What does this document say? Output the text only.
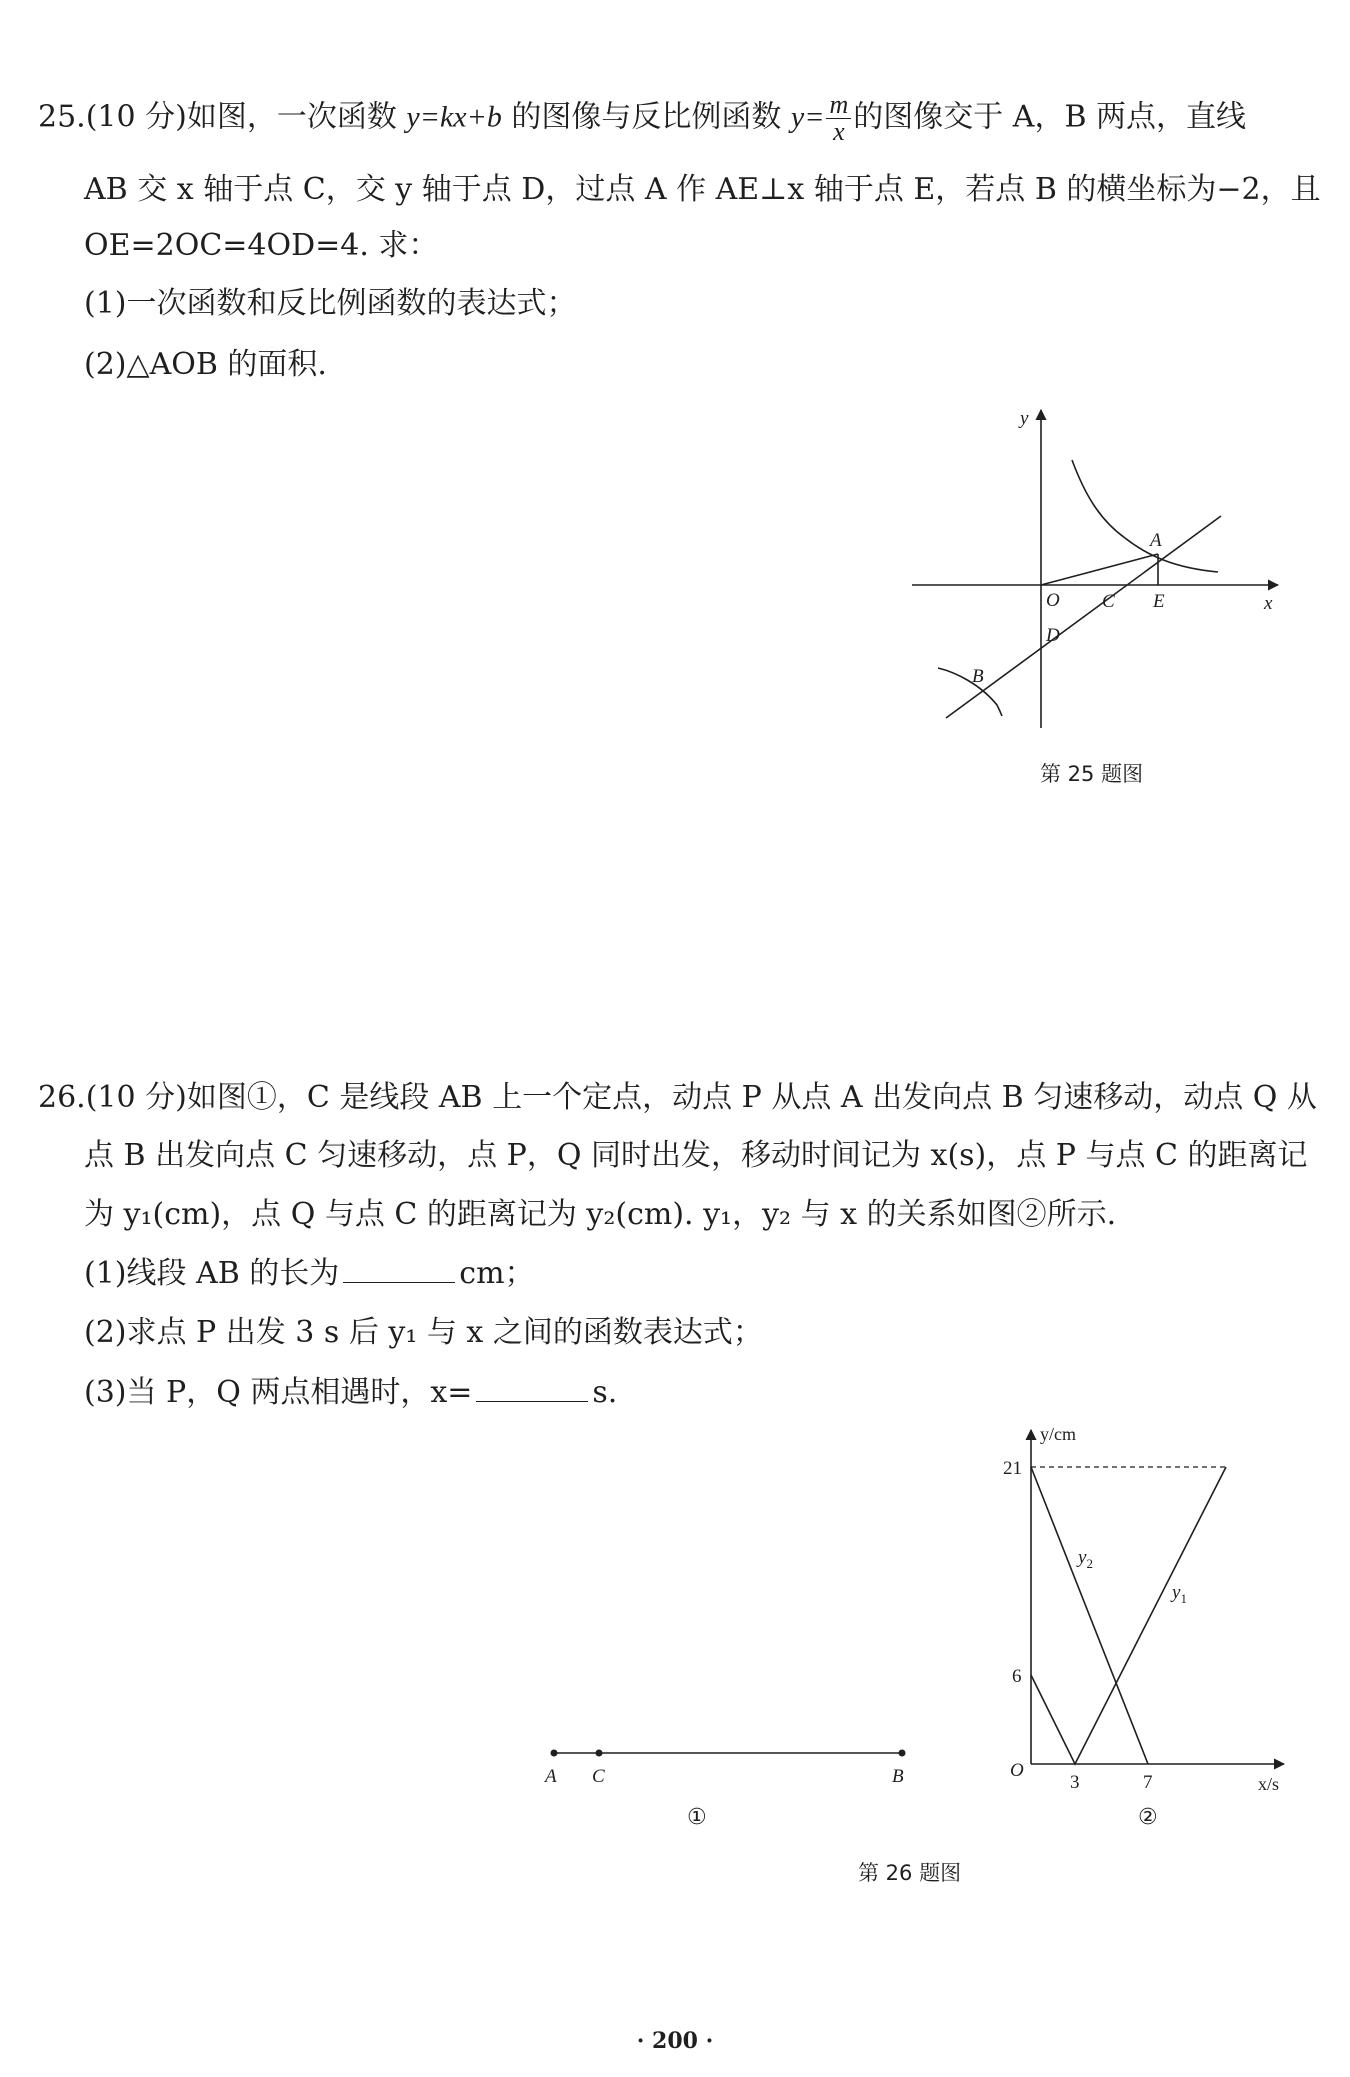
25.(10 分)如图，一次函数 y=kx+b 的图像与反比例函数 $y= \frac{m}{x}$ 的图像交于 A，B 两点，直线
AB 交 x 轴于点 C，交 y 轴于点 D，过点 A 作 AE⊥x 轴于点 E，若点 B 的横坐标为−2，且
OE=2OC=4OD=4. 求：
(1)一次函数和反比例函数的表达式；
(2)△AOB 的面积.
y
x
A
O C E
D
B
第 25 题图
26.(10 分)如图①，C 是线段 AB 上一个定点，动点 P 从点 A 出发向点 B 匀速移动，动点 Q 从
点 B 出发向点 C 匀速移动，点 P，Q 同时出发，移动时间记为 x(s)，点 P 与点 C 的距离记
为 y₁(cm)，点 Q 与点 C 的距离记为 y₂(cm). y₁，y₂ 与 x 的关系如图②所示.
(1)线段 AB 的长为	cm；
(2)求点 P 出发 3 s 后 y₁ 与 x 之间的函数表达式；
(3)当 P，Q 两点相遇时，x=	s.
A C	B
①
y/cm
x/s
O
21
6
3	7
$y_2$
$y_1$
②
第 26 题图
· 200 ·
